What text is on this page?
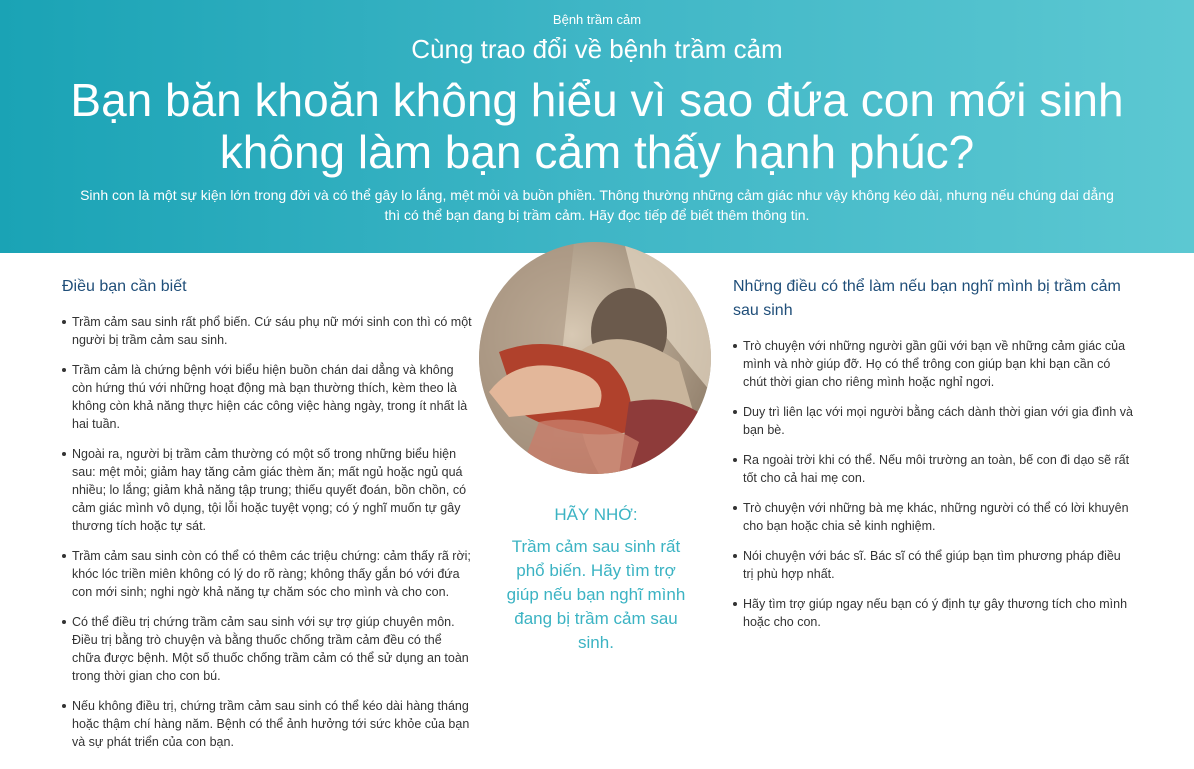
Bệnh trầm cảm
Cùng trao đổi về bệnh trầm cảm
Bạn băn khoăn không hiểu vì sao đứa con mới sinh không làm bạn cảm thấy hạnh phúc?
Sinh con là một sự kiện lớn trong đời và có thể gây lo lắng, mệt mỏi và buồn phiền. Thông thường những cảm giác như vậy không kéo dài, nhưng nếu chúng dai dẳng thì có thể bạn đang bị trầm cảm. Hãy đọc tiếp để biết thêm thông tin.
Điều bạn cần biết
Trầm cảm sau sinh rất phổ biến. Cứ sáu phụ nữ mới sinh con thì có một người bị trầm cảm sau sinh.
Trầm cảm là chứng bệnh với biểu hiện buồn chán dai dẳng và không còn hứng thú với những hoạt động mà bạn thường thích, kèm theo là không còn khả năng thực hiện các công việc hàng ngày, trong ít nhất là hai tuần.
Ngoài ra, người bị trầm cảm thường có một số trong những biểu hiện sau: mệt mỏi; giảm hay tăng cảm giác thèm ăn; mất ngủ hoặc ngủ quá nhiều; lo lắng; giảm khả năng tập trung; thiếu quyết đoán, bồn chồn, có cảm giác mình vô dụng, tội lỗi hoặc tuyệt vọng; có ý nghĩ muốn tự gây thương tích hoặc tự sát.
Trầm cảm sau sinh còn có thể có thêm các triệu chứng: cảm thấy rã rời; khóc lóc triền miên không có lý do rõ ràng; không thấy gắn bó với đứa con mới sinh; nghi ngờ khả năng tự chăm sóc cho mình và cho con.
Có thể điều trị chứng trầm cảm sau sinh với sự trợ giúp chuyên môn. Điều trị bằng trò chuyện và bằng thuốc chống trầm cảm đều có thể chữa được bệnh. Một số thuốc chống trầm cảm có thể sử dụng an toàn trong thời gian cho con bú.
Nếu không điều trị, chứng trầm cảm sau sinh có thể kéo dài hàng tháng hoặc thậm chí hàng năm. Bệnh có thể ảnh hưởng tới sức khỏe của bạn và sự phát triển của con bạn.
HÃY NHỚ:
Trầm cảm sau sinh rất phổ biến. Hãy tìm trợ giúp nếu bạn nghĩ mình đang bị trầm cảm sau sinh.
Những điều có thể làm nếu bạn nghĩ mình bị trầm cảm sau sinh
Trò chuyện với những người gần gũi với bạn về những cảm giác của mình và nhờ giúp đỡ. Họ có thể trông con giúp bạn khi bạn cần có chút thời gian cho riêng mình hoặc nghỉ ngơi.
Duy trì liên lạc với mọi người bằng cách dành thời gian với gia đình và bạn bè.
Ra ngoài trời khi có thể. Nếu môi trường an toàn, bế con đi dạo sẽ rất tốt cho cả hai mẹ con.
Trò chuyện với những bà mẹ khác, những người có thể có lời khuyên cho bạn hoặc chia sẻ kinh nghiệm.
Nói chuyện với bác sĩ. Bác sĩ có thể giúp bạn tìm phương pháp điều trị phù hợp nhất.
Hãy tìm trợ giúp ngay nếu bạn có ý định tự gây thương tích cho mình hoặc cho con.
